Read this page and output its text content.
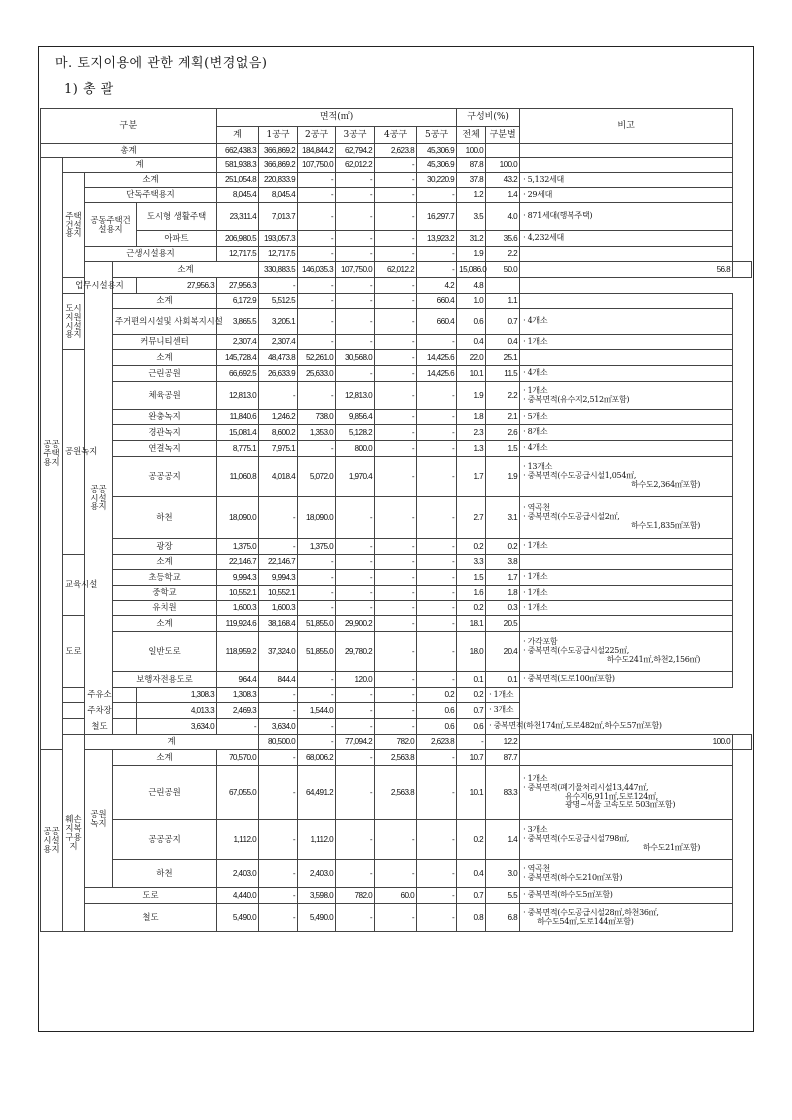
마. 토지이용에 관한 계획(변경없음)
1) 총 괄
구분					면적(㎡)						구성비(%)		비고	
					계	1공구	2공구	3공구	4공구	5공구	전체	구분별		
총계					662,438.3	366,869.2	184,844.2	62,794.2	2,623.8	45,306.9	100.0			
공공주택용지	계				581,938.3	366,869.2	107,750.0	62,012.2	-	45,306.9	87.8	100.0		
	주택건설용지	소계			251,054.8	220,833.9	-	-	-	30,220.9	37.8	43.2	· 5,132세대	

		단독주택용지			8,045.4	8,045.4	-	-	-	-	1.2	1.4	· 29세대	

		공동주택건설용지		도시형 생활주택	23,311.4	7,013.7	-	-	-	16,297.7	3.5	4.0	· 871세대(행복주택)	

				아파트	206,980.5	193,057.3	-	-	-	13,923.2	31.2	35.6	· 4,232세대	

		근생시설용지			12,717.5	12,717.5	-	-	-	-	1.9	2.2		
		공공시설용지	소계			330,883.5	146,035.3	107,750.0	62,012.2	-	15,086.0	50.0	56.8	
	업무시설용지			27,956.3	27,956.3	-	-	-	-	4.2	4.8			
	도시지원시설용지		소계		6,172.9	5,512.5	-	-	-	660.4	1.0	1.1		
			주거편의시설및 사회복지시설		3,865.5	3,205.1	-	-	-	660.4	0.6	0.7	· 4개소	

			커뮤니티센터		2,307.4	2,307.4	-	-	-	-	0.4	0.4	· 1개소	

	공원녹지		소계		145,728.4	48,473.8	52,261.0	30,568.0	-	14,425.6	22.0	25.1		
			근린공원		66,692.5	26,633.9	25,633.0	-	-	14,425.6	10.1	11.5	· 4개소	

			체육공원		12,813.0	-	-	12,813.0	-	-	1.9	2.2	· 1개소
· 중복면적(유수지2,512㎡포함)	

			완충녹지		11,840.6	1,246.2	738.0	9,856.4	-	-	1.8	2.1	· 5개소	

			경관녹지		15,081.4	8,600.2	1,353.0	5,128.2	-	-	2.3	2.6	· 8개소	

			연결녹지		8,775.1	7,975.1	-	800.0	-	-	1.3	1.5	· 4개소	

			공공공지		11,060.8	4,018.4	5,072.0	1,970.4	-	-	1.7	1.9	· 13개소
· 중복면적(수도공급시설1,054㎡,
하수도2,364㎡포함)	

			하천		18,090.0	-	18,090.0	-	-	-	2.7	3.1	· 역곡천
· 중복면적(수도공급시설2㎡,
하수도1,835㎡포함)	

			광장		1,375.0	-	1,375.0	-	-	-	0.2	0.2	· 1개소	

	교육시설		소계		22,146.7	22,146.7	-	-	-	-	3.3	3.8		
			초등학교		9,994.3	9,994.3	-	-	-	-	1.5	1.7	· 1개소	

			중학교		10,552.1	10,552.1	-	-	-	-	1.6	1.8	· 1개소	

			유치원		1,600.3	1,600.3	-	-	-	-	0.2	0.3	· 1개소	

	도로		소계		119,924.6	38,168.4	51,855.0	29,900.2	-	-	18.1	20.5		
			일반도로		118,959.2	37,324.0	51,855.0	29,780.2	-	-	18.0	20.4	· 가각포함
· 중복면적(수도공급시설225㎡,
하수도241㎡,하천2,156㎡)	

			보행자전용도로		964.4	844.4	-	120.0	-	-	0.1	0.1	· 중복면적(도로100㎡포함)	

	주유소			1,308.3	1,308.3	-	-	-	-	0.2	0.2	· 1개소		

	주차장			4,013.3	2,469.3	-	1,544.0	-	-	0.6	0.7	· 3개소		

	철도			3,634.0	-	3,634.0	-	-	-	0.6	0.6	· 중복면적(하천174㎡,도로482㎡,하수도57㎡포함)		

	훼손지복구용지	계				80,500.0	-	77,094.2	782.0	2,623.8	-	12.2	100.0	
공공시설용지		공원녹지	소계		70,570.0	-	68,006.2	-	2,563.8	-	10.7	87.7		
			근린공원		67,055.0	-	64,491.2	-	2,563.8	-	10.1	83.3	· 1개소
· 중복면적(폐기물처리시설13,447㎡,
유수지6,911㎡,도로124㎡,
광명~서울 고속도로 503㎡포함)	

			공공공지		1,112.0	-	1,112.0	-	-	-	0.2	1.4	· 3개소
· 중복면적(수도공급시설798㎡,
하수도21㎡포함)	

			하천		2,403.0	-	2,403.0	-	-	-	0.4	3.0	· 역곡천
· 중복면적(하수도210㎡포함)	

		도로			4,440.0	-	3,598.0	782.0	60.0	-	0.7	5.5	· 중복면적(하수도5㎡포함)	

		철도			5,490.0	-	5,490.0	-	-	-	0.8	6.8	· 중복면적(수도공급시설28㎡,하천36㎡,
하수도54㎡,도로144㎡포함)	
